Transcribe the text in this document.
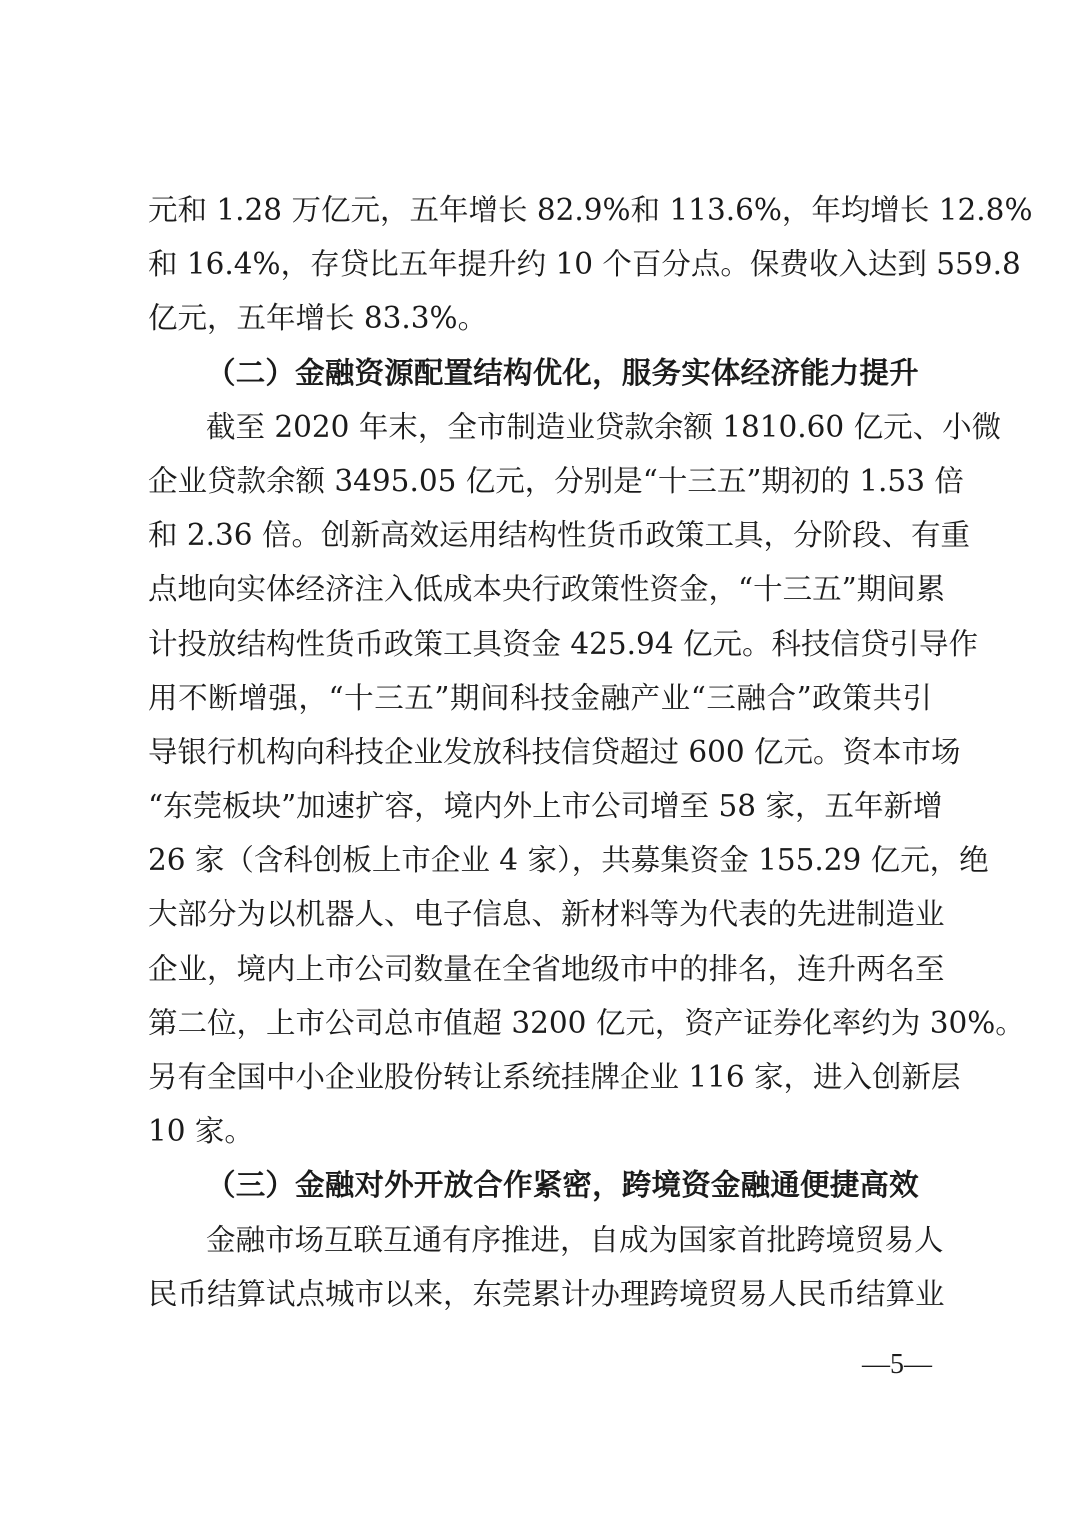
元和 1.28 万亿元，五年增长 82.9%和 113.6%，年均增长 12.8%
和 16.4%，存贷比五年提升约 10 个百分点。保费收入达到 559.8
亿元，五年增长 83.3%。
（二）金融资源配置结构优化，服务实体经济能力提升
截至 2020 年末，全市制造业贷款余额 1810.60 亿元、小微
企业贷款余额 3495.05 亿元，分别是“十三五”期初的 1.53 倍
和 2.36 倍。创新高效运用结构性货币政策工具，分阶段、有重
点地向实体经济注入低成本央行政策性资金，“十三五”期间累
计投放结构性货币政策工具资金 425.94 亿元。科技信贷引导作
用不断增强，“十三五”期间科技金融产业“三融合”政策共引
导银行机构向科技企业发放科技信贷超过 600 亿元。资本市场
“东莞板块”加速扩容，境内外上市公司增至 58 家，五年新增
26 家（含科创板上市企业 4 家），共募集资金 155.29 亿元，绝
大部分为以机器人、电子信息、新材料等为代表的先进制造业
企业，境内上市公司数量在全省地级市中的排名，连升两名至
第二位，上市公司总市值超 3200 亿元，资产证券化率约为 30%。
另有全国中小企业股份转让系统挂牌企业 116 家，进入创新层
10 家。
（三）金融对外开放合作紧密，跨境资金融通便捷高效
金融市场互联互通有序推进，自成为国家首批跨境贸易人
民币结算试点城市以来，东莞累计办理跨境贸易人民币结算业
—5—
